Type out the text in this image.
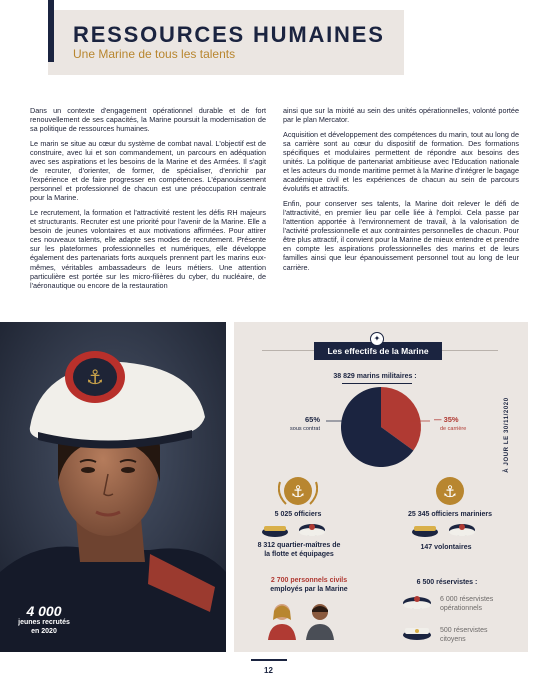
RESSOURCES HUMAINES
Une Marine de tous les talents

Dans un contexte d'engagement opérationnel durable et de fort renouvellement de ses capacités, la Marine poursuit la modernisation de sa politique de ressources humaines.

Le marin se situe au cœur du système de combat naval. L'objectif est de construire, avec lui et son commandement, un parcours en adéquation avec ses aspirations et les besoins de la Marine et des Armées. Il s'agit de recruter, d'orienter, de former, de spécialiser, d'enrichir par l'expérience et de faire progresser en compétences. L'épanouissement personnel et professionnel de chacun est une préoccupation centrale pour la Marine.

Le recrutement, la formation et l'attractivité restent les défis RH majeurs et structurants. Recruter est une priorité pour l'avenir de la Marine. Elle a besoin de jeunes volontaires et aux motivations affirmées. Pour attirer ces nouveaux talents, elle adapte ses modes de recrutement. Présente sur les plateformes professionnelles et numériques, elle développe également des partenariats forts auxquels prennent part les marins eux-mêmes, véritables ambassadeurs de leurs métiers. Une attention particulière est portée sur les micro-filières du cyber, du nucléaire, de l'aéronautique ou encore de la restauration

ainsi que sur la mixité au sein des unités opérationnelles, volonté portée par le plan Mercator.

Acquisition et développement des compétences du marin, tout au long de sa carrière sont au cœur du dispositif de formation. Des formations spécifiques et modulaires permettent de répondre aux besoins des unités. La politique de partenariat ambitieuse avec l'Education nationale et les acteurs du monde maritime permet à la Marine d'intégrer le bagage académique civil et les expériences de chacun au sein de parcours évolutifs et attractifs.

Enfin, pour conserver ses talents, la Marine doit relever le défi de l'attractivité, en premier lieu par celle liée à l'emploi. Cela passe par l'attention apportée à l'environnement de travail, à la valorisation de l'activité professionnelle et aux contraintes personnelles de chacun. Pour être plus attractif, il convient pour la Marine de mieux entendre et prendre en compte les aspirations professionnelles des marins et de leurs familles ainsi que leur épanouissement personnel tout au long de leur carrière.

⚓
4 000
jeunes recrutés
en 2020
Les effectifs de la Marine
✦
À JOUR LE 30/11/2020
38 829 marins militaires :
65%
sous contrat
— 35%
de carrière
⚓
5 025 officiers
⚓
25 345 officiers mariniers
8 312 quartier-maîtres de
la flotte et équipages
147 volontaires
2 700 personnels civils
employés par la Marine
6 500 réservistes :
6 000 réservistes
opérationnels
500 réservistes
citoyens
12
